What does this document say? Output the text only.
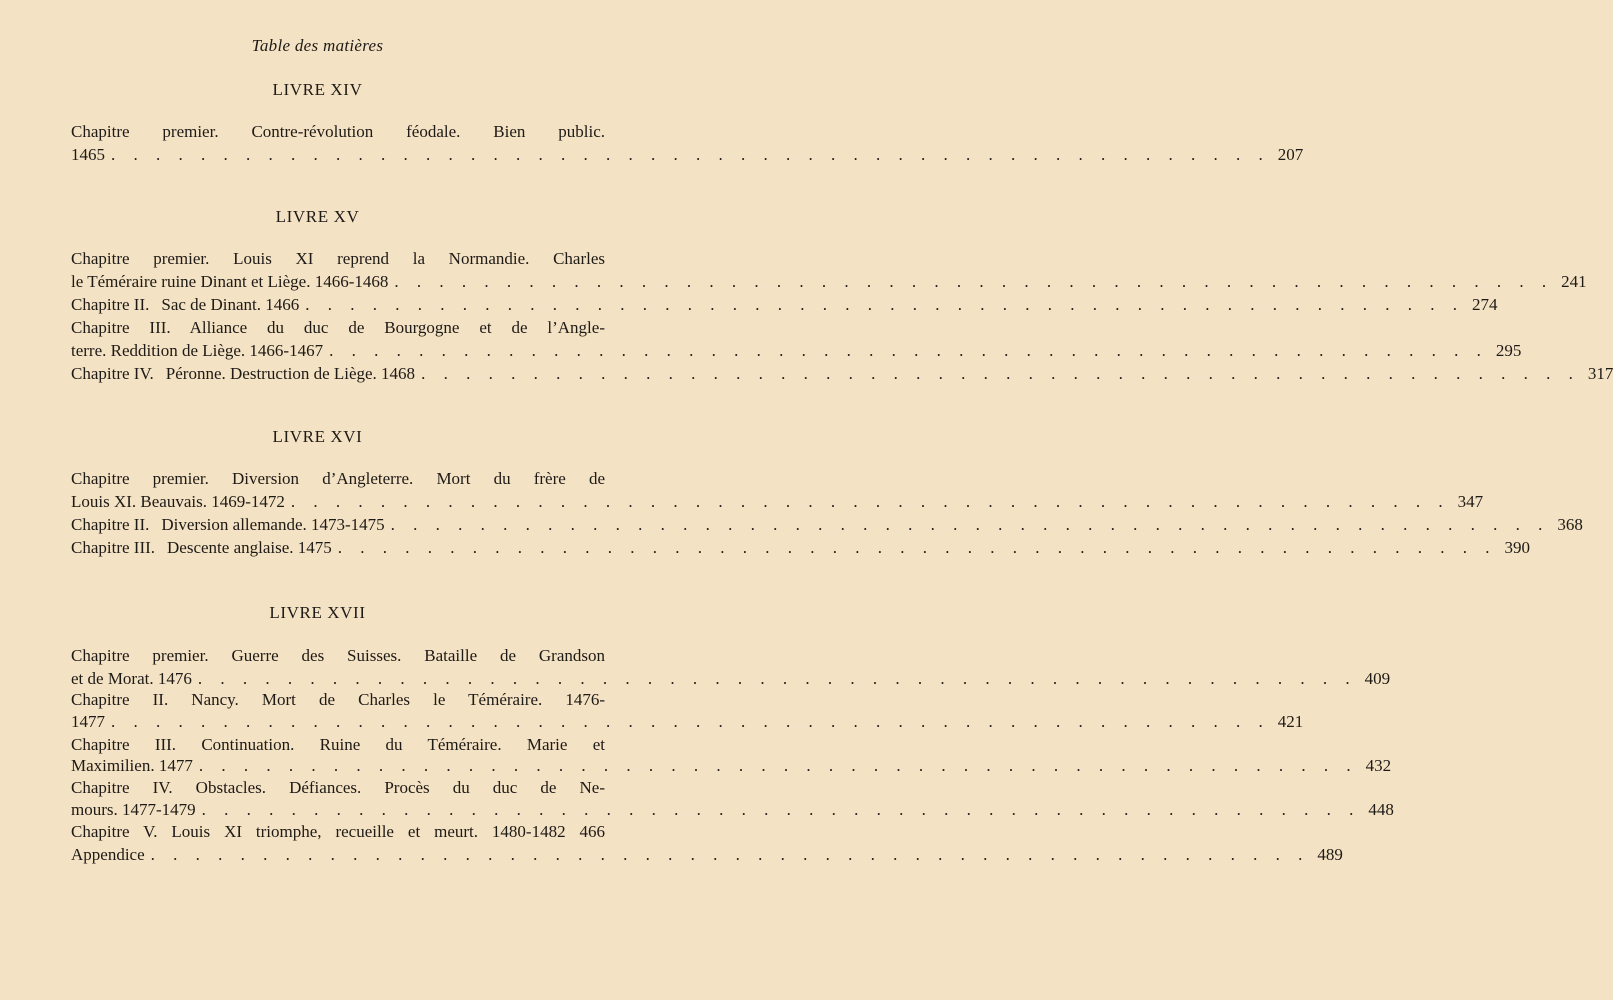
Table des matières
LIVRE XIV
Chapitre premier. Contre-révolution féodale. Bien public.
1465 . . . . . . . . . . . . . . . . . . . . . . . . . . . . . . . . . . . . . . . . . . . . . . . . . . . . 207
LIVRE XV
Chapitre premier. Louis XI reprend la Normandie. Charles
le Téméraire ruine Dinant et Liège. 1466-1468 . . . . . . . . . . . . . . . . . . . . . . . . . . . . . . . . . . . . . . . . . . . . . . . . . . . . 241
Chapitre II. Sac de Dinant. 1466 . . . . . . . . . . . . . . . . . . . . . . . . . . . . . . . . . . . . . . . . . . . . . . . . . . . . 274
Chapitre III. Alliance du duc de Bourgogne et de l’Angle-
terre. Reddition de Liège. 1466-1467 . . . . . . . . . . . . . . . . . . . . . . . . . . . . . . . . . . . . . . . . . . . . . . . . . . . . 295
Chapitre IV. Péronne. Destruction de Liège. 1468 . . . . . . . . . . . . . . . . . . . . . . . . . . . . . . . . . . . . . . . . . . . . . . . . . . . . 317
LIVRE XVI
Chapitre premier. Diversion d’Angleterre. Mort du frère de
Louis XI. Beauvais. 1469-1472 . . . . . . . . . . . . . . . . . . . . . . . . . . . . . . . . . . . . . . . . . . . . . . . . . . . . 347
Chapitre II. Diversion allemande. 1473-1475 . . . . . . . . . . . . . . . . . . . . . . . . . . . . . . . . . . . . . . . . . . . . . . . . . . . . 368
Chapitre III. Descente anglaise. 1475 . . . . . . . . . . . . . . . . . . . . . . . . . . . . . . . . . . . . . . . . . . . . . . . . . . . . 390
LIVRE XVII
Chapitre premier. Guerre des Suisses. Bataille de Grandson
et de Morat. 1476 . . . . . . . . . . . . . . . . . . . . . . . . . . . . . . . . . . . . . . . . . . . . . . . . . . . . 409
Chapitre II. Nancy. Mort de Charles le Téméraire. 1476-
1477 . . . . . . . . . . . . . . . . . . . . . . . . . . . . . . . . . . . . . . . . . . . . . . . . . . . . 421
Chapitre III. Continuation. Ruine du Téméraire. Marie et
Maximilien. 1477 . . . . . . . . . . . . . . . . . . . . . . . . . . . . . . . . . . . . . . . . . . . . . . . . . . . . 432
Chapitre IV. Obstacles. Défiances. Procès du duc de Ne-
mours. 1477-1479 . . . . . . . . . . . . . . . . . . . . . . . . . . . . . . . . . . . . . . . . . . . . . . . . . . . . 448
Chapitre V. Louis XI triomphe, recueille et meurt. 1480-1482 466
Appendice . . . . . . . . . . . . . . . . . . . . . . . . . . . . . . . . . . . . . . . . . . . . . . . . . . . . 489
